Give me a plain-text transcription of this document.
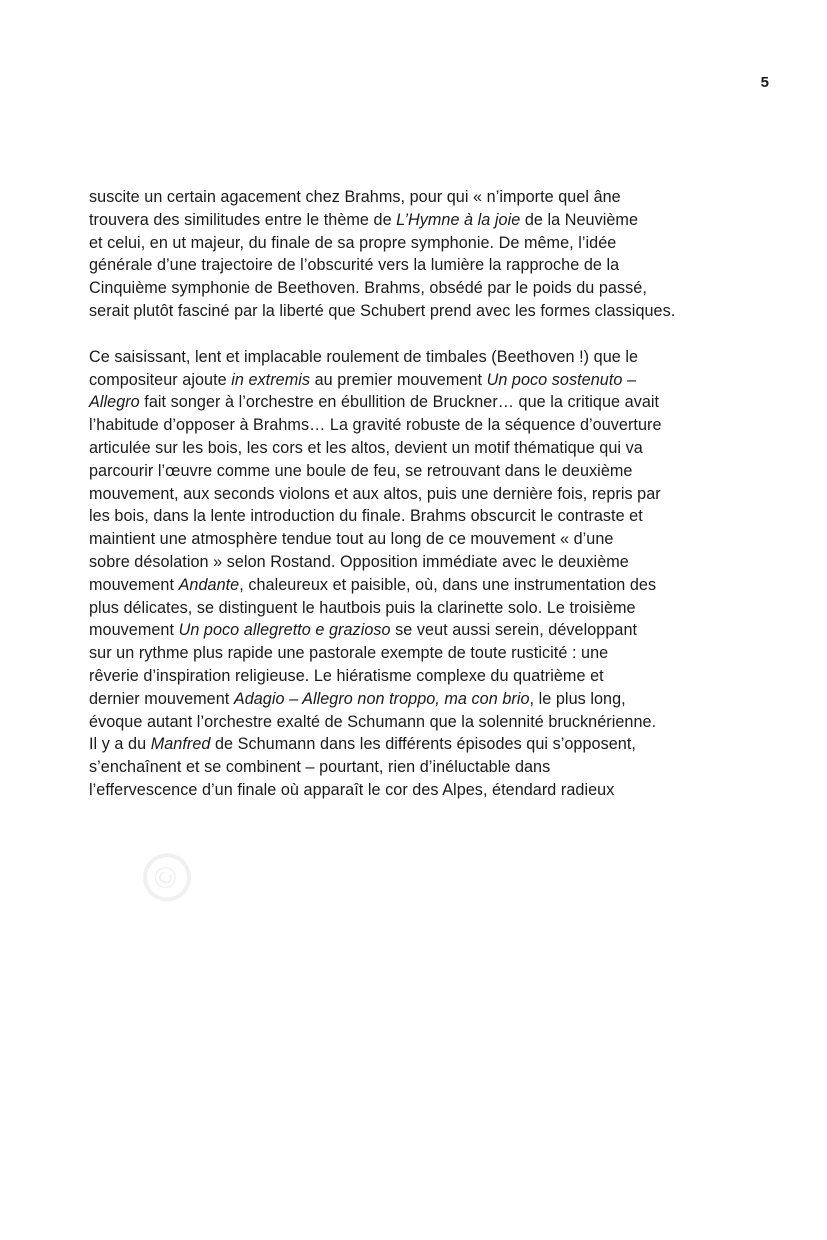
5
©
suscite un certain agacement chez Brahms, pour qui « n’importe quel âne
trouvera des similitudes entre le thème de L’Hymne à la joie de la Neuvième
et celui, en ut majeur, du finale de sa propre symphonie. De même, l’idée
générale d’une trajectoire de l’obscurité vers la lumière la rapproche de la
Cinquième symphonie de Beethoven. Brahms, obsédé par le poids du passé,
serait plutôt fasciné par la liberté que Schubert prend avec les formes classiques.
Ce saisissant, lent et implacable roulement de timbales (Beethoven !) que le
compositeur ajoute in extremis au premier mouvement Un poco sostenuto –
Allegro fait songer à l’orchestre en ébullition de Bruckner… que la critique avait
l’habitude d’opposer à Brahms… La gravité robuste de la séquence d’ouverture
articulée sur les bois, les cors et les altos, devient un motif thématique qui va
parcourir l’œuvre comme une boule de feu, se retrouvant dans le deuxième
mouvement, aux seconds violons et aux altos, puis une dernière fois, repris par
les bois, dans la lente introduction du finale. Brahms obscurcit le contraste et
maintient une atmosphère tendue tout au long de ce mouvement « d’une
sobre désolation » selon Rostand. Opposition immédiate avec le deuxième
mouvement Andante, chaleureux et paisible, où, dans une instrumentation des
plus délicates, se distinguent le hautbois puis la clarinette solo. Le troisième
mouvement Un poco allegretto e grazioso se veut aussi serein, développant
sur un rythme plus rapide une pastorale exempte de toute rusticité : une
rêverie d’inspiration religieuse. Le hiératisme complexe du quatrième et
dernier mouvement Adagio – Allegro non troppo, ma con brio, le plus long,
évoque autant l’orchestre exalté de Schumann que la solennité brucknérienne.
Il y a du Manfred de Schumann dans les différents épisodes qui s’opposent,
s’enchaînent et se combinent – pourtant, rien d’inéluctable dans
l’effervescence d’un finale où apparaît le cor des Alpes, étendard radieux
